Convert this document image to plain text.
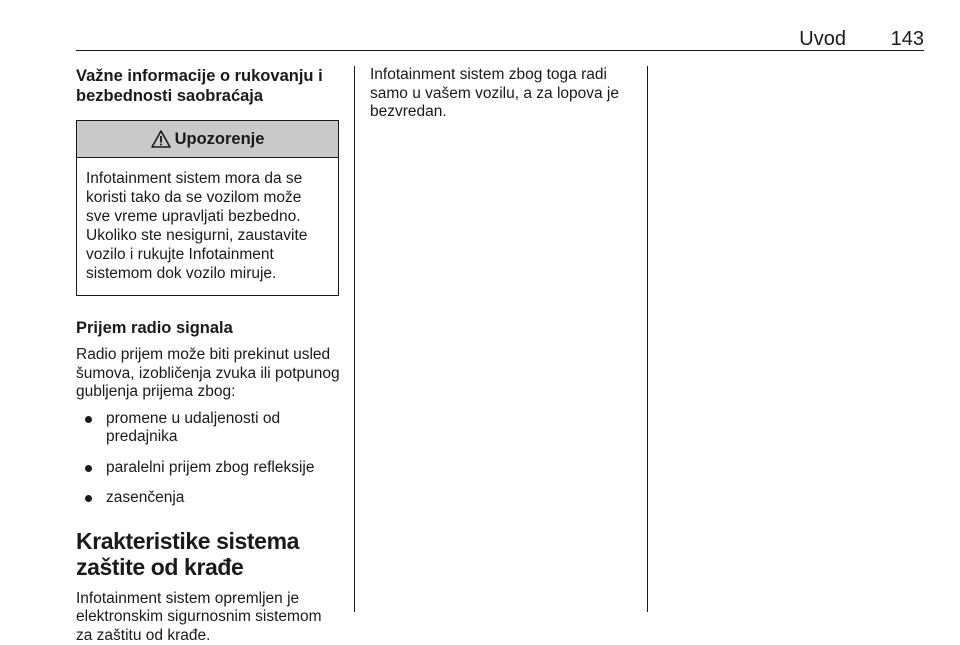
Uvod 143

Važne informacije o rukovanju i bezbednosti saobraćaja

Upozorenje
Infotainment sistem mora da se koristi tako da se vozilom može sve vreme upravljati bezbedno. Ukoliko ste nesigurni, zaustavite vozilo i rukujte Infotainment sistemom dok vozilo miruje.

Prijem radio signala

Radio prijem može biti prekinut usled šumova, izobličenja zvuka ili potpunog gubljenja prijema zbog:

promene u udaljenosti od predajnika
paralelni prijem zbog refleksije
zasenčenja

Krakteristike sistema zaštite od krađe

Infotainment sistem opremljen je elektronskim sigurnosnim sistemom za zaštitu od krađe.

Infotainment sistem zbog toga radi samo u vašem vozilu, a za lopova je bezvredan.
